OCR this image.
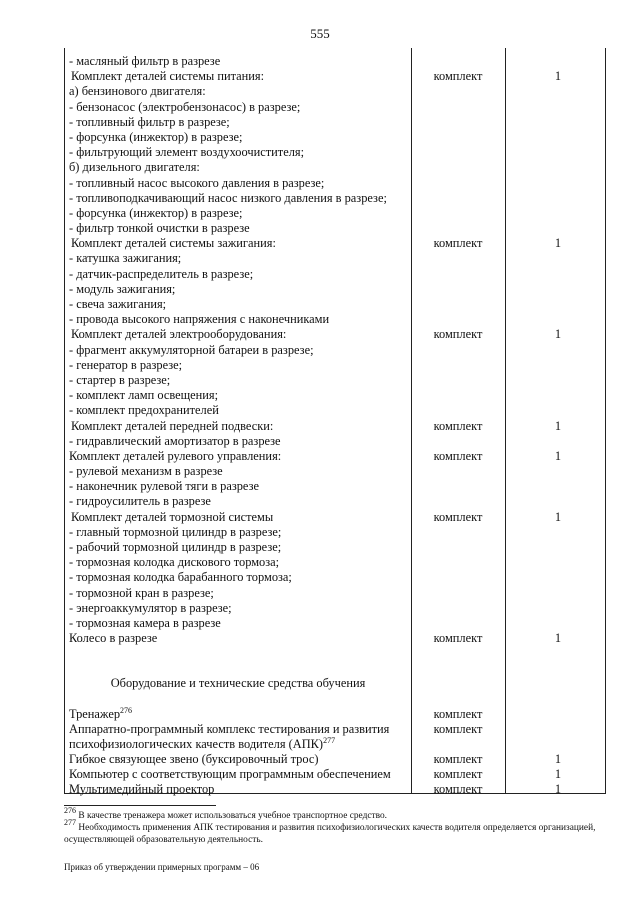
555
- масляный фильтр в разрезе
Комплект деталей системы питания:	комплект	1
а) бензинового двигателя:
- бензонасос (электробензонасос) в разрезе;
- топливный фильтр в разрезе;
- форсунка (инжектор) в разрезе;
- фильтрующий элемент воздухоочистителя;
б) дизельного двигателя:
- топливный насос высокого давления в разрезе;
- топливоподкачивающий насос низкого давления в разрезе;
- форсунка (инжектор) в разрезе;
- фильтр тонкой очистки в разрезе
Комплект деталей системы зажигания:	комплект	1
- катушка зажигания;
- датчик-распределитель в разрезе;
- модуль зажигания;
- свеча зажигания;
- провода высокого напряжения с наконечниками
Комплект деталей электрооборудования:	комплект	1
- фрагмент аккумуляторной батареи в разрезе;
- генератор в разрезе;
- стартер в разрезе;
- комплект ламп освещения;
- комплект предохранителей
Комплект деталей передней подвески:	комплект	1
- гидравлический амортизатор в разрезе
Комплект деталей рулевого управления:	комплект	1
- рулевой механизм в разрезе
- наконечник рулевой тяги в разрезе
- гидроусилитель в разрезе
Комплект деталей тормозной системы	комплект	1
- главный тормозной цилиндр в разрезе;
- рабочий тормозной цилиндр в разрезе;
- тормозная колодка дискового тормоза;
- тормозная колодка барабанного тормоза;
- тормозной кран в разрезе;
- энергоаккумулятор в разрезе;
- тормозная камера в разрезе
Колесо в разрезе	комплект	1
Оборудование и технические средства обучения
Тренажер$^{276}$	комплект
Аппаратно-программный комплекс тестирования и развития	комплект
психофизиологических качеств водителя (АПК)$^{277}$
Гибкое связующее звено (буксировочный трос)	комплект	1
Компьютер с соответствующим программным обеспечением	комплект	1
Мультимедийный проектор	комплект	1

$^{276}$ В качестве тренажера может использоваться учебное транспортное средство.

$^{277}$ Необходимость применения АПК тестирования и развития психофизиологических качеств водителя определяется организацией, осуществляющей образовательную деятельность.

Приказ об утверждении примерных программ – 06
